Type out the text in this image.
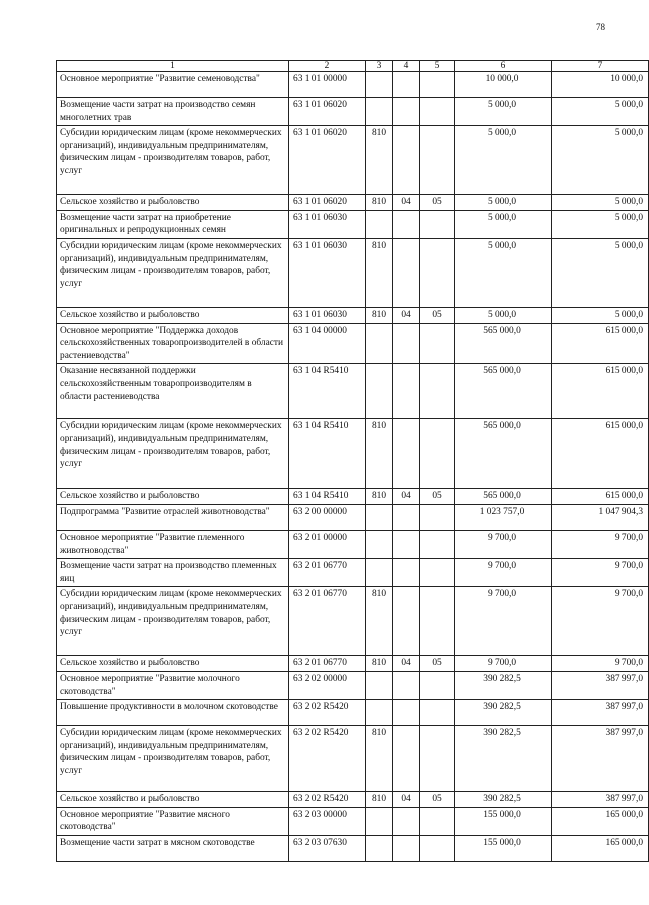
78
1	2	3	4	5	6	7
Основное мероприятие "Развитие семеноводства"	63 1 01 00000				10 000,0	10 000,0
Возмещение части затрат на производство семян многолетних трав	63 1 01 06020				5 000,0	5 000,0
Субсидии юридическим лицам (кроме некоммерческих организаций), индивидуальным предпринимателям, физическим лицам - производителям товаров, работ, услуг	63 1 01 06020	810			5 000,0	5 000,0
Сельское хозяйство и рыболовство	63 1 01 06020	810	04	05	5 000,0	5 000,0
Возмещение части затрат на приобретение оригинальных и репродукционных семян	63 1 01 06030				5 000,0	5 000,0
Субсидии юридическим лицам (кроме некоммерческих организаций), индивидуальным предпринимателям, физическим лицам - производителям товаров, работ, услуг	63 1 01 06030	810			5 000,0	5 000,0
Сельское хозяйство и рыболовство	63 1 01 06030	810	04	05	5 000,0	5 000,0
Основное мероприятие "Поддержка доходов сельскохозяйственных товаропроизводителей в области растениеводства"	63 1 04 00000				565 000,0	615 000,0
Оказание несвязанной поддержки сельскохозяйственным товаропроизводителям в области растениеводства	63 1 04 R5410				565 000,0	615 000,0
Субсидии юридическим лицам (кроме некоммерческих организаций), индивидуальным предпринимателям, физическим лицам - производителям товаров, работ, услуг	63 1 04 R5410	810			565 000,0	615 000,0
Сельское хозяйство и рыболовство	63 1 04 R5410	810	04	05	565 000,0	615 000,0
Подпрограмма "Развитие отраслей животноводства"	63 2 00 00000				1 023 757,0	1 047 904,3
Основное мероприятие "Развитие племенного животноводства"	63 2 01 00000				9 700,0	9 700,0
Возмещение части затрат на производство племенных яиц	63 2 01 06770				9 700,0	9 700,0
Субсидии юридическим лицам (кроме некоммерческих организаций), индивидуальным предпринимателям, физическим лицам - производителям товаров, работ, услуг	63 2 01 06770	810			9 700,0	9 700,0
Сельское хозяйство и рыболовство	63 2 01 06770	810	04	05	9 700,0	9 700,0
Основное мероприятие "Развитие молочного скотоводства"	63 2 02 00000				390 282,5	387 997,0
Повышение продуктивности в молочном скотоводстве	63 2 02 R5420				390 282,5	387 997,0
Субсидии юридическим лицам (кроме некоммерческих организаций), индивидуальным предпринимателям, физическим лицам - производителям товаров, работ, услуг	63 2 02 R5420	810			390 282,5	387 997,0
Сельское хозяйство и рыболовство	63 2 02 R5420	810	04	05	390 282,5	387 997,0
Основное мероприятие "Развитие мясного скотоводства"	63 2 03 00000				155 000,0	165 000,0
Возмещение части затрат в мясном скотоводстве	63 2 03 07630				155 000,0	165 000,0
